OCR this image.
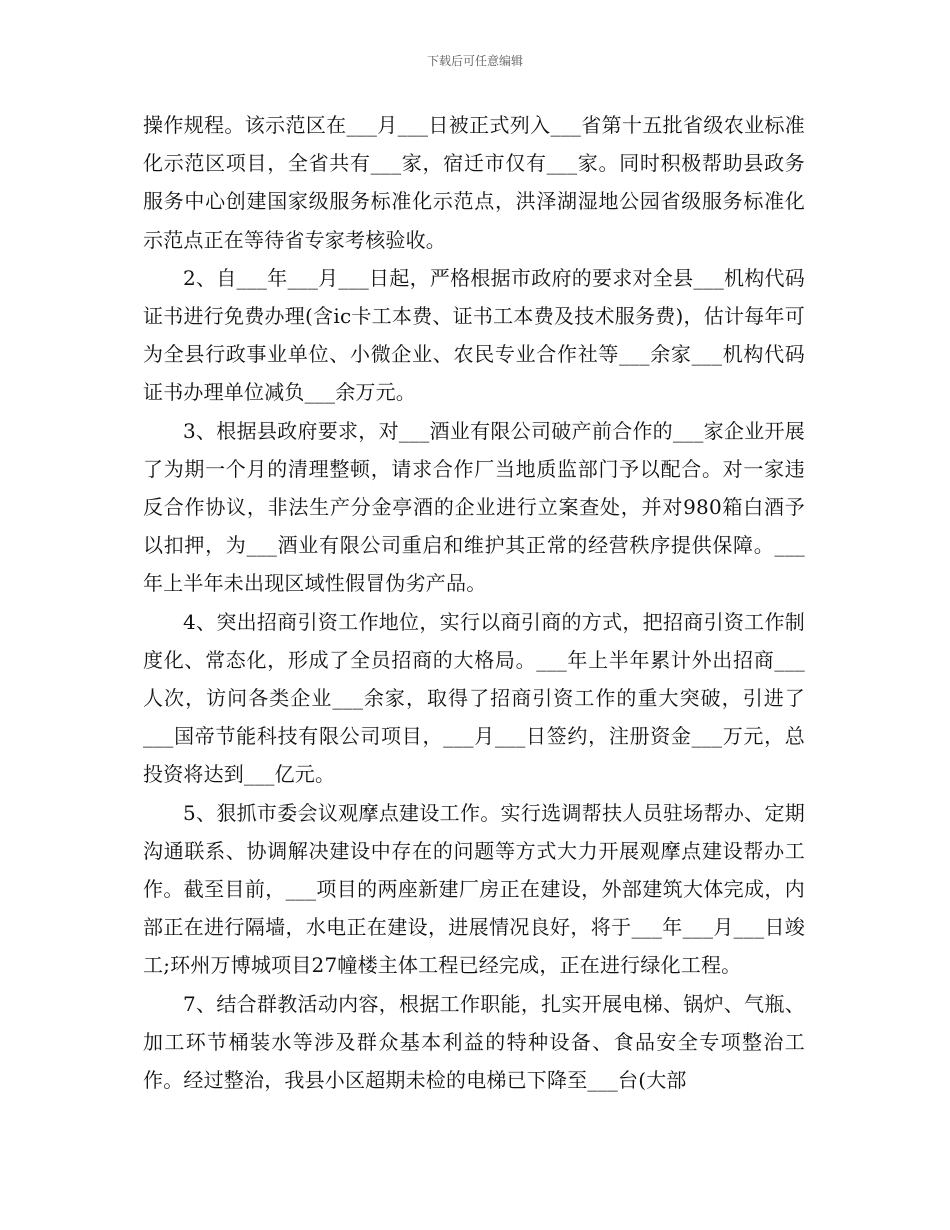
下载后可任意编辑

操作规程。该示范区在___月___日被正式列入___省第十五批省级农业标准化示范区项目，全省共有___家，宿迁市仅有___家。同时积极帮助县政务服务中心创建国家级服务标准化示范点，洪泽湖湿地公园省级服务标准化示范点正在等待省专家考核验收。

2、自___年___月___日起，严格根据市政府的要求对全县___机构代码证书进行免费办理(含ic卡工本费、证书工本费及技术服务费)，估计每年可为全县行政事业单位、小微企业、农民专业合作社等___余家___机构代码证书办理单位减负___余万元。

3、根据县政府要求，对___酒业有限公司破产前合作的___家企业开展了为期一个月的清理整顿，请求合作厂当地质监部门予以配合。对一家违反合作协议，非法生产分金亭酒的企业进行立案查处，并对980箱白酒予以扣押，为___酒业有限公司重启和维护其正常的经营秩序提供保障。___年上半年未出现区域性假冒伪劣产品。

4、突出招商引资工作地位，实行以商引商的方式，把招商引资工作制度化、常态化，形成了全员招商的大格局。___年上半年累计外出招商___人次，访问各类企业___余家，取得了招商引资工作的重大突破，引进了___国帝节能科技有限公司项目，___月___日签约，注册资金___万元，总投资将达到___亿元。

5、狠抓市委会议观摩点建设工作。实行选调帮扶人员驻场帮办、定期沟通联系、协调解决建设中存在的问题等方式大力开展观摩点建设帮办工作。截至目前，___项目的两座新建厂房正在建设，外部建筑大体完成，内部正在进行隔墙，水电正在建设，进展情况良好，将于___年___月___日竣工;环州万博城项目27幢楼主体工程已经完成，正在进行绿化工程。

7、结合群教活动内容，根据工作职能，扎实开展电梯、锅炉、气瓶、加工环节桶装水等涉及群众基本利益的特种设备、食品安全专项整治工作。经过整治，我县小区超期未检的电梯已下降至___台(大部
